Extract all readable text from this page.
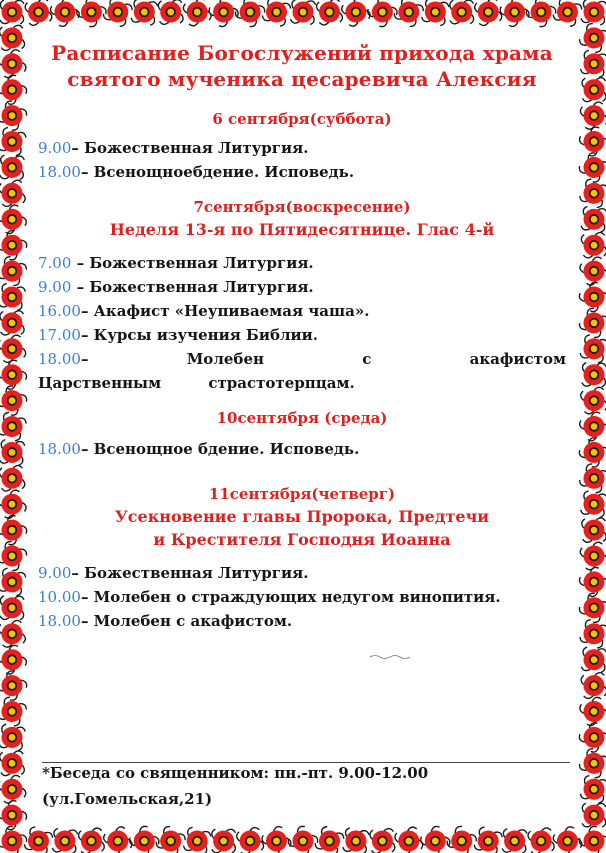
Расписание Богослужений прихода храма
святого мученика цесаревича Алексия
6 сентября(суббота)
9.00– Божественная Литургия.
18.00– Всенощноебдение. Исповедь.
7сентября(воскресение)
Неделя 13-я по Пятидесятнице. Глас 4-й
7.00 – Божественная Литургия.
9.00 – Божественная Литургия.
16.00– Акафист «Неупиваемая чаша».
17.00– Курсы изучения Библии.
18.00– Молебен с акафистом Царственным страстотерпцам.
10сентября (среда)
18.00– Всенощное бдение. Исповедь.
11сентября(четверг)
Усекновение главы Пророка, Предтечи
и Крестителя Господня Иоанна
9.00– Божественная Литургия.
10.00– Молебен о страждующих недугом винопития.
18.00– Молебен с акафистом.
*Беседа со священником: пн.-пт. 9.00-12.00
(ул.Гомельская,21)
